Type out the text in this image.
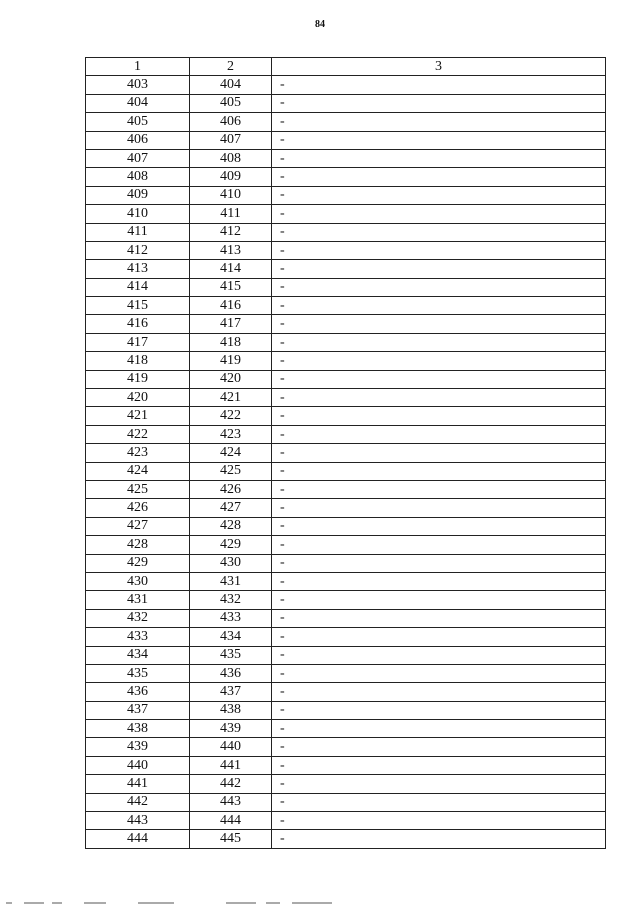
84
1	2	3
403	404	-
404	405	-
405	406	-
406	407	-
407	408	-
408	409	-
409	410	-
410	411	-
411	412	-
412	413	-
413	414	-
414	415	-
415	416	-
416	417	-
417	418	-
418	419	-
419	420	-
420	421	-
421	422	-
422	423	-
423	424	-
424	425	-
425	426	-
426	427	-
427	428	-
428	429	-
429	430	-
430	431	-
431	432	-
432	433	-
433	434	-
434	435	-
435	436	-
436	437	-
437	438	-
438	439	-
439	440	-
440	441	-
441	442	-
442	443	-
443	444	-
444	445	-
